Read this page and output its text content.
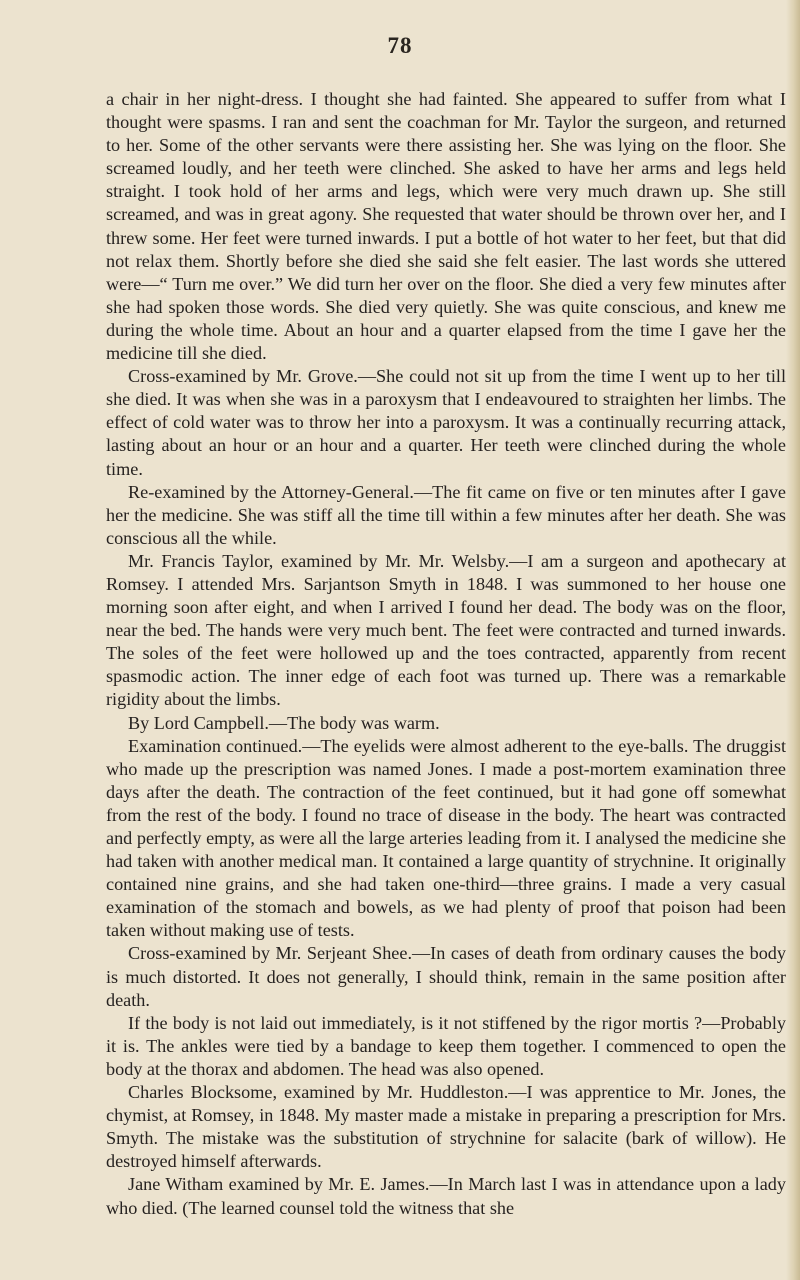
78

a chair in her night-dress. I thought she had fainted. She appeared to suffer from what I thought were spasms. I ran and sent the coachman for Mr. Taylor the surgeon, and returned to her. Some of the other servants were there assisting her. She was lying on the floor. She screamed loudly, and her teeth were clinched. She asked to have her arms and legs held straight. I took hold of her arms and legs, which were very much drawn up. She still screamed, and was in great agony. She requested that water should be thrown over her, and I threw some. Her feet were turned inwards. I put a bottle of hot water to her feet, but that did not relax them. Shortly before she died she said she felt easier. The last words she uttered were—“ Turn me over.” We did turn her over on the floor. She died a very few minutes after she had spoken those words. She died very quietly. She was quite conscious, and knew me during the whole time. About an hour and a quarter elapsed from the time I gave her the medicine till she died.

Cross-examined by Mr. Grove.—She could not sit up from the time I went up to her till she died. It was when she was in a paroxysm that I endeavoured to straighten her limbs. The effect of cold water was to throw her into a paroxysm. It was a continually recurring attack, lasting about an hour or an hour and a quarter. Her teeth were clinched during the whole time.

Re-examined by the Attorney-General.—The fit came on five or ten minutes after I gave her the medicine. She was stiff all the time till within a few minutes after her death. She was conscious all the while.

Mr. Francis Taylor, examined by Mr. Mr. Welsby.—I am a surgeon and apothecary at Romsey. I attended Mrs. Sarjantson Smyth in 1848. I was summoned to her house one morning soon after eight, and when I arrived I found her dead. The body was on the floor, near the bed. The hands were very much bent. The feet were contracted and turned inwards. The soles of the feet were hollowed up and the toes contracted, apparently from recent spasmodic action. The inner edge of each foot was turned up. There was a remarkable rigidity about the limbs.

By Lord Campbell.—The body was warm.

Examination continued.—The eyelids were almost adherent to the eye-balls. The druggist who made up the prescription was named Jones. I made a post-mortem examination three days after the death. The contraction of the feet continued, but it had gone off somewhat from the rest of the body. I found no trace of disease in the body. The heart was contracted and perfectly empty, as were all the large arteries leading from it. I analysed the medicine she had taken with another medical man. It contained a large quantity of strychnine. It originally contained nine grains, and she had taken one-third—three grains. I made a very casual examination of the stomach and bowels, as we had plenty of proof that poison had been taken without making use of tests.

Cross-examined by Mr. Serjeant Shee.—In cases of death from ordinary causes the body is much distorted. It does not generally, I should think, remain in the same position after death.

If the body is not laid out immediately, is it not stiffened by the rigor mortis ?—Probably it is. The ankles were tied by a bandage to keep them together. I commenced to open the body at the thorax and abdomen. The head was also opened.

Charles Blocksome, examined by Mr. Huddleston.—I was apprentice to Mr. Jones, the chymist, at Romsey, in 1848. My master made a mistake in preparing a prescription for Mrs. Smyth. The mistake was the substitution of strychnine for salacite (bark of willow). He destroyed himself afterwards.

Jane Witham examined by Mr. E. James.—In March last I was in attendance upon a lady who died. (The learned counsel told the witness that she
